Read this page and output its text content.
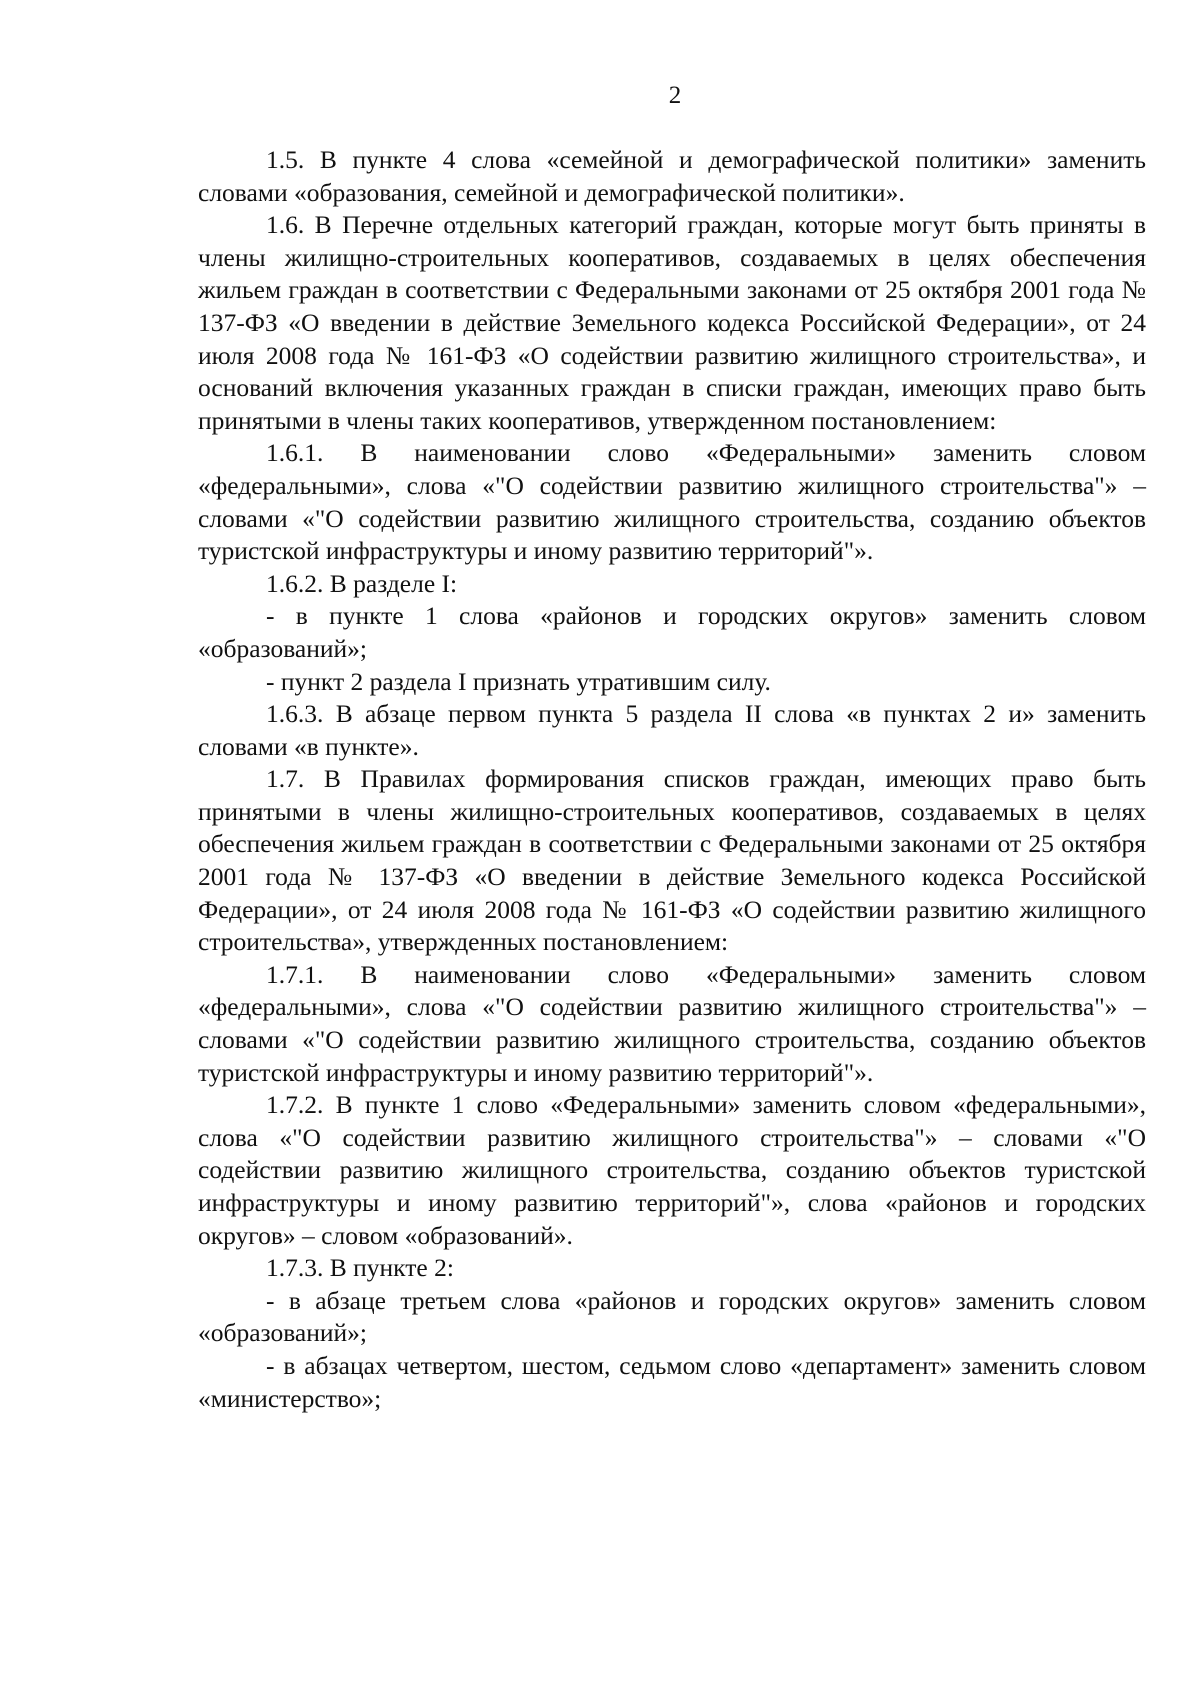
2

1.5. В пункте 4 слова «семейной и демографической политики» заменить словами «образования, семейной и демографической политики».

1.6. В Перечне отдельных категорий граждан, которые могут быть приняты в члены жилищно-строительных кооперативов, создаваемых в целях обеспечения жильем граждан в соответствии с Федеральными законами от 25 октября 2001 года № 137-ФЗ «О введении в действие Земельного кодекса Российской Федерации», от 24 июля 2008 года № 161-ФЗ «О содействии развитию жилищного строительства», и оснований включения указанных граждан в списки граждан, имеющих право быть принятыми в члены таких кооперативов, утвержденном постановлением:

1.6.1. В наименовании слово «Федеральными» заменить словом «федеральными», слова «"О содействии развитию жилищного строительства"» – словами «"О содействии развитию жилищного строительства, созданию объектов туристской инфраструктуры и иному развитию территорий"».

1.6.2. В разделе I:

- в пункте 1 слова «районов и городских округов» заменить словом «образований»;

- пункт 2 раздела I признать утратившим силу.

1.6.3. В абзаце первом пункта 5 раздела II слова «в пунктах 2 и» заменить словами «в пункте».

1.7. В Правилах формирования списков граждан, имеющих право быть принятыми в члены жилищно-строительных кооперативов, создаваемых в целях обеспечения жильем граждан в соответствии с Федеральными законами от 25 октября 2001 года № 137-ФЗ «О введении в действие Земельного кодекса Российской Федерации», от 24 июля 2008 года № 161-ФЗ «О содействии развитию жилищного строительства», утвержденных постановлением:

1.7.1. В наименовании слово «Федеральными» заменить словом «федеральными», слова «"О содействии развитию жилищного строительства"» – словами «"О содействии развитию жилищного строительства, созданию объектов туристской инфраструктуры и иному развитию территорий"».

1.7.2. В пункте 1 слово «Федеральными» заменить словом «федеральными», слова «"О содействии развитию жилищного строительства"» – словами «"О содействии развитию жилищного строительства, созданию объектов туристской инфраструктуры и иному развитию территорий"», слова «районов и городских округов» – словом «образований».

1.7.3. В пункте 2:

- в абзаце третьем слова «районов и городских округов» заменить словом «образований»;

- в абзацах четвертом, шестом, седьмом слово «департамент» заменить словом «министерство»;
